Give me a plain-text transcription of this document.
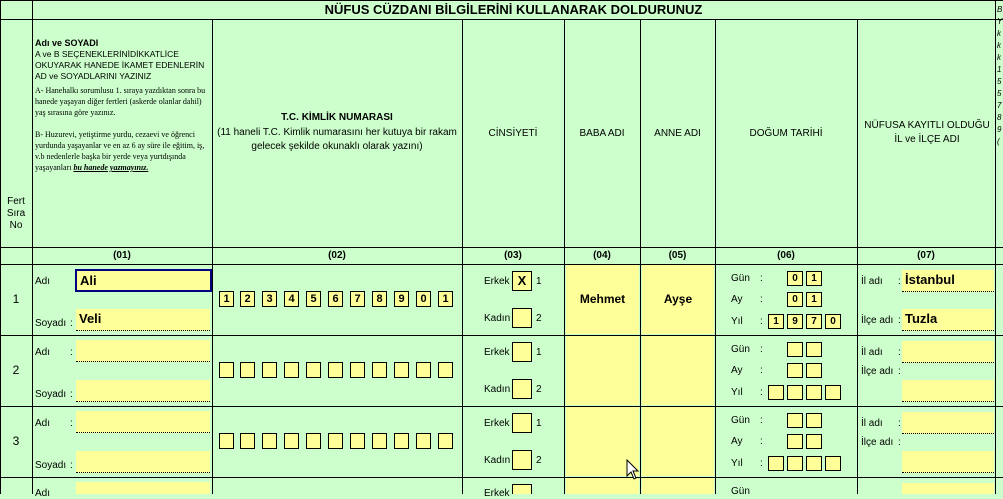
NÜFUS CÜZDANI BİLGİLERİNİ KULLANARAK DOLDURUNUZ
Fert Sıra No
Adı ve SOYADI
A ve B SEÇENEKLERİNİDİKKATLİCE OKUYARAK HANEDE İKAMET EDENLERİN AD ve SOYADLARINI YAZINIZ
A- Hanehalkı sorumlusu 1. sıraya yazdıktan sonra bu hanede yaşayan diğer fertleri (askerde olanlar dahil) yaş sırasına göre yazınız.
B- Huzurevi, yetiştirme yurdu, cezaevi ve öğrenci yurdunda yaşayanlar ve en az 6 ay süre ile eğitim, iş, v.b nedenlerle başka bir yerde veya yurtdışında yaşayanları bu hanede yazmayınız.
T.C. KİMLİK NUMARASI
(11 haneli T.C. Kimlik numarasını her kutuya bir rakam gelecek şekilde okunaklı olarak yazını)
CİNSİYETİ	BABA ADI	ANNE ADI	DOĞUM TARİHİ
NÜFUSA KAYITLI OLDUĞU İL ve İLÇE ADI
B Y k k k 1 5 5 7 8 9 (
(01)	(02)	(03)	(04)	(05)	(06)	(07)
1
Adı	Ali
Soyadı : Veli
1	2	3	4	5	6	7	8	9	0	1
Erkek X 1
Kadın	2
Mehmet	Ayşe
Gün :	0	1
Ay :	0	1
Yıl :	1	9	7	0
İl adı : İstanbul
İlçe adı : Tuzla
2
Adı :
Soyadı :
Erkek	1
Kadın	2
Gün :
Ay :
Yıl :
İl adı :
İlçe adı :
3
Adı :
Soyadı :
Erkek	1
Kadın	2
Gün :
Ay :
Yıl :
İl adı :
İlçe adı :
Adı	Erkek	Gün
